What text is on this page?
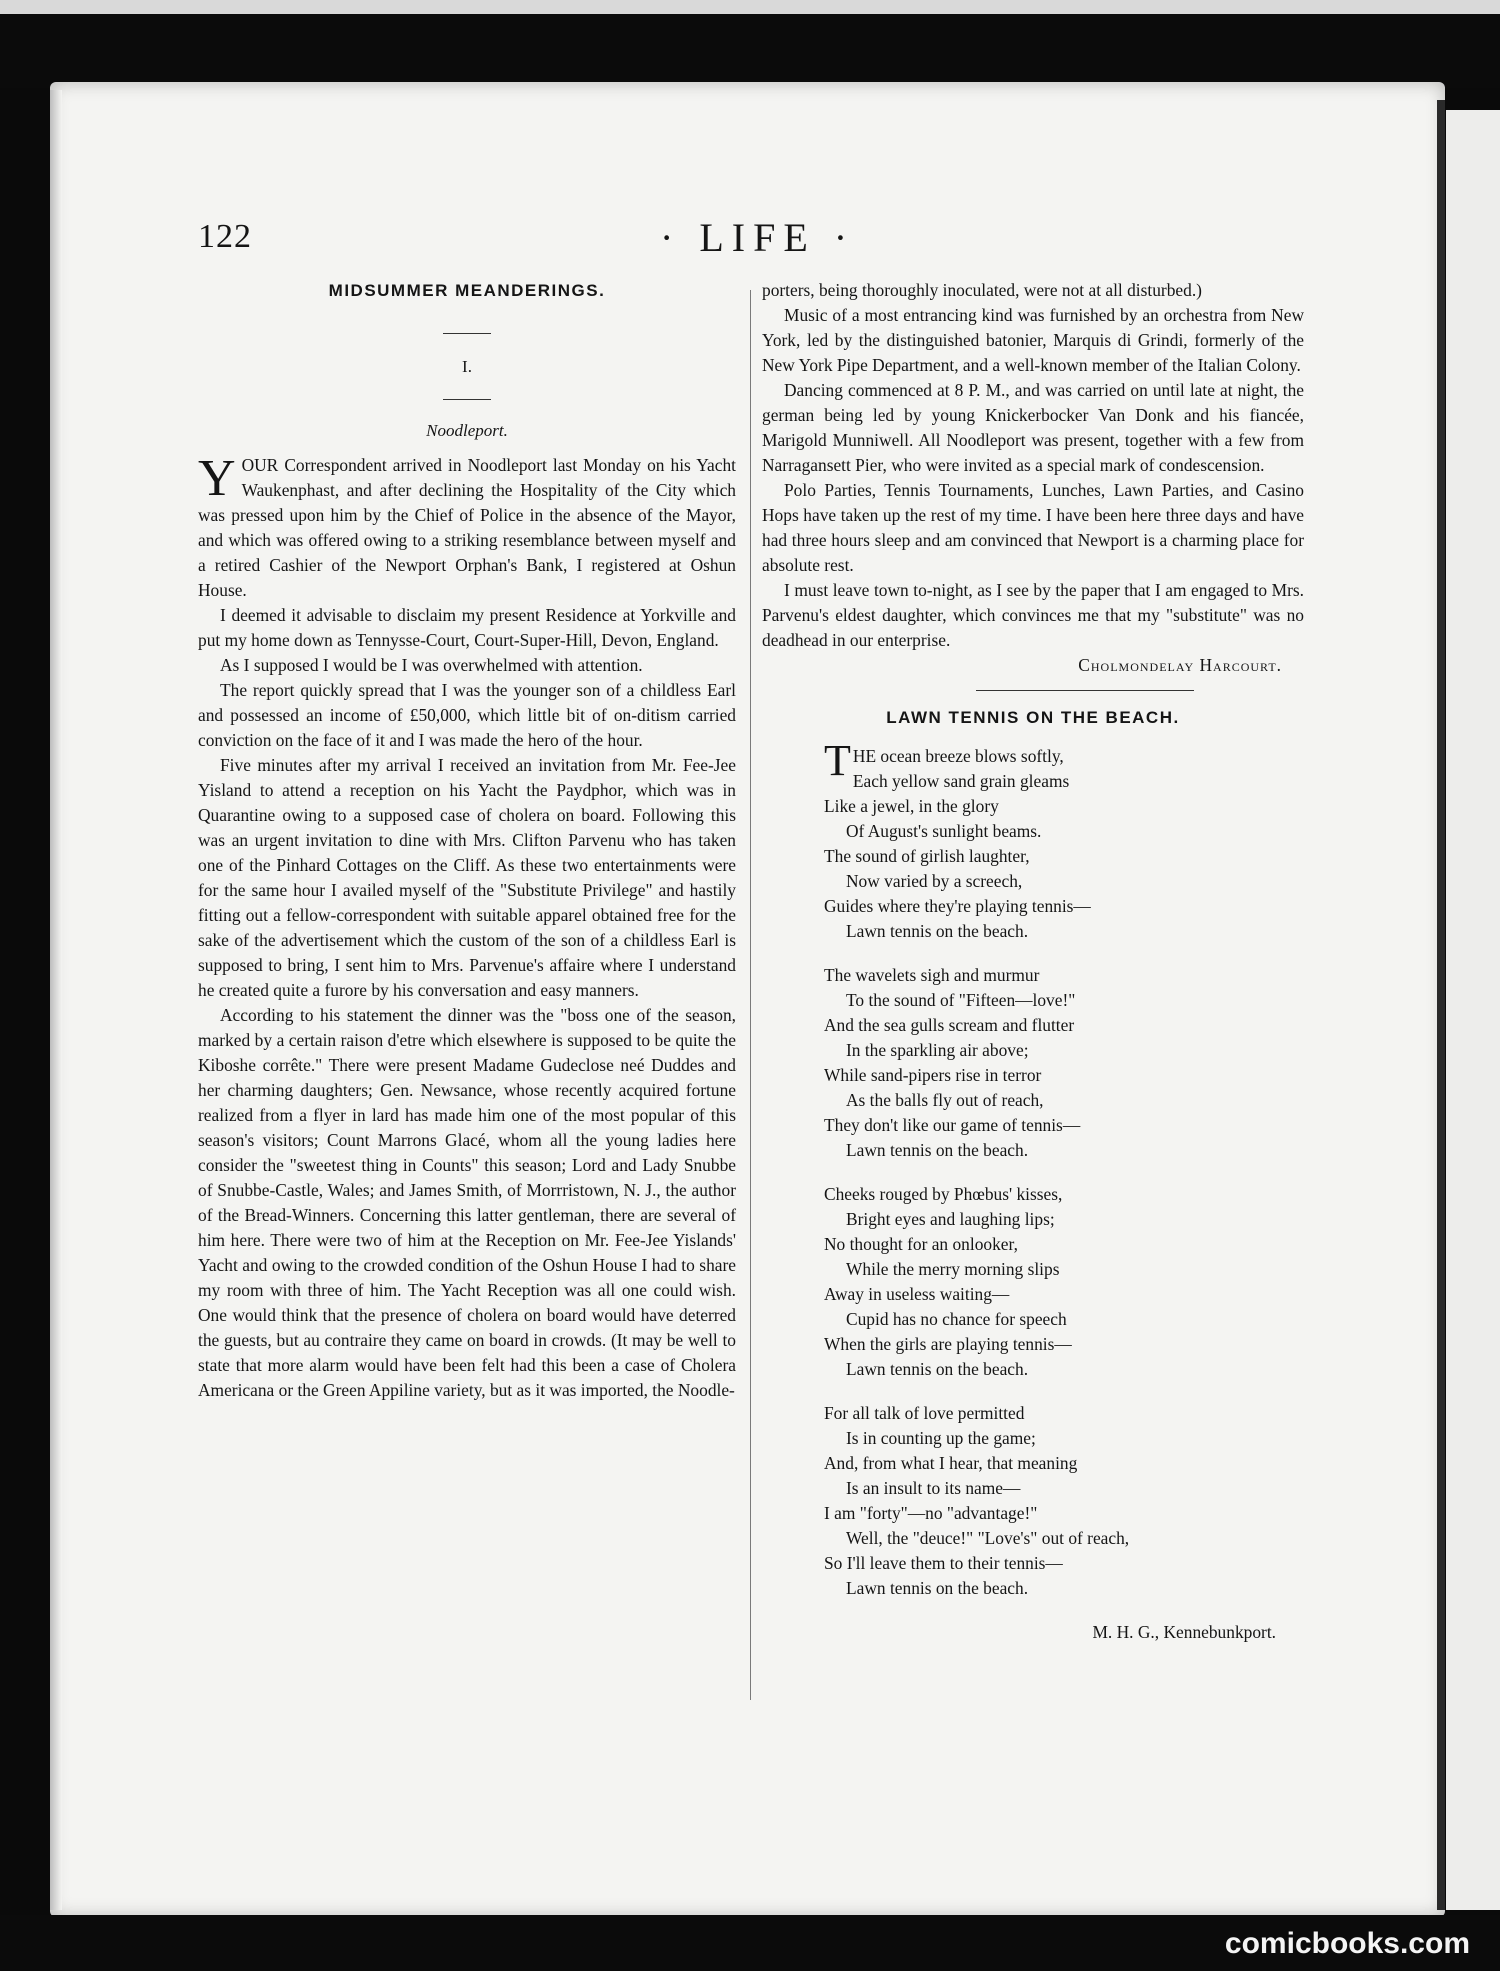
122	· LIFE ·
MIDSUMMER MEANDERINGS.
I.
Noodleport.

YOUR Correspondent arrived in Noodleport last Monday on his Yacht Waukenphast, and after declining the Hospitality of the City which was pressed upon him by the Chief of Police in the absence of the Mayor, and which was offered owing to a striking resemblance between myself and a retired Cashier of the Newport Orphan's Bank, I registered at Oshun House.

I deemed it advisable to disclaim my present Residence at Yorkville and put my home down as Tennysse-Court, Court-Super-Hill, Devon, England.

As I supposed I would be I was overwhelmed with attention.

The report quickly spread that I was the younger son of a childless Earl and possessed an income of £50,000, which little bit of on-ditism carried conviction on the face of it and I was made the hero of the hour.

Five minutes after my arrival I received an invitation from Mr. Fee-Jee Yisland to attend a reception on his Yacht the Paydphor, which was in Quarantine owing to a supposed case of cholera on board. Following this was an urgent invitation to dine with Mrs. Clifton Parvenu who has taken one of the Pinhard Cottages on the Cliff. As these two entertainments were for the same hour I availed myself of the "Substitute Privilege" and hastily fitting out a fellow-correspondent with suitable apparel obtained free for the sake of the advertisement which the custom of the son of a childless Earl is supposed to bring, I sent him to Mrs. Parvenue's affaire where I understand he created quite a furore by his conversation and easy manners.

According to his statement the dinner was the "boss one of the season, marked by a certain raison d'etre which elsewhere is supposed to be quite the Kiboshe corrête." There were present Madame Gudeclose neé Duddes and her charming daughters; Gen. Newsance, whose recently acquired fortune realized from a flyer in lard has made him one of the most popular of this season's visitors; Count Marrons Glacé, whom all the young ladies here consider the "sweetest thing in Counts" this season; Lord and Lady Snubbe of Snubbe-Castle, Wales; and James Smith, of Morrristown, N. J., the author of the Bread-Winners. Concerning this latter gentleman, there are several of him here. There were two of him at the Reception on Mr. Fee-Jee Yislands' Yacht and owing to the crowded condition of the Oshun House I had to share my room with three of him. The Yacht Reception was all one could wish. One would think that the presence of cholera on board would have deterred the guests, but au contraire they came on board in crowds. (It may be well to state that more alarm would have been felt had this been a case of Cholera Americana or the Green Appiline variety, but as it was imported, the Noodle-

porters, being thoroughly inoculated, were not at all disturbed.)

Music of a most entrancing kind was furnished by an orchestra from New York, led by the distinguished batonier, Marquis di Grindi, formerly of the New York Pipe Department, and a well-known member of the Italian Colony.

Dancing commenced at 8 P. M., and was carried on until late at night, the german being led by young Knickerbocker Van Donk and his fiancée, Marigold Munniwell. All Noodleport was present, together with a few from Narragansett Pier, who were invited as a special mark of condescension.

Polo Parties, Tennis Tournaments, Lunches, Lawn Parties, and Casino Hops have taken up the rest of my time. I have been here three days and have had three hours sleep and am convinced that Newport is a charming place for absolute rest.

I must leave town to-night, as I see by the paper that I am engaged to Mrs. Parvenu's eldest daughter, which convinces me that my "substitute" was no deadhead in our enterprise.

Cholmondelay Harcourt.
LAWN TENNIS ON THE BEACH.
THE ocean breeze blows softly,
Each yellow sand grain gleams
Like a jewel, in the glory
Of August's sunlight beams.
The sound of girlish laughter,
Now varied by a screech,
Guides where they're playing tennis—
Lawn tennis on the beach.
The wavelets sigh and murmur
To the sound of "Fifteen—love!"
And the sea gulls scream and flutter
In the sparkling air above;
While sand-pipers rise in terror
As the balls fly out of reach,
They don't like our game of tennis—
Lawn tennis on the beach.
Cheeks rouged by Phœbus' kisses,
Bright eyes and laughing lips;
No thought for an onlooker,
While the merry morning slips
Away in useless waiting—
Cupid has no chance for speech
When the girls are playing tennis—
Lawn tennis on the beach.
For all talk of love permitted
Is in counting up the game;
And, from what I hear, that meaning
Is an insult to its name—
I am "forty"—no "advantage!"
Well, the "deuce!" "Love's" out of reach,
So I'll leave them to their tennis—
Lawn tennis on the beach.
M. H. G., Kennebunkport.
comicbooks.com
